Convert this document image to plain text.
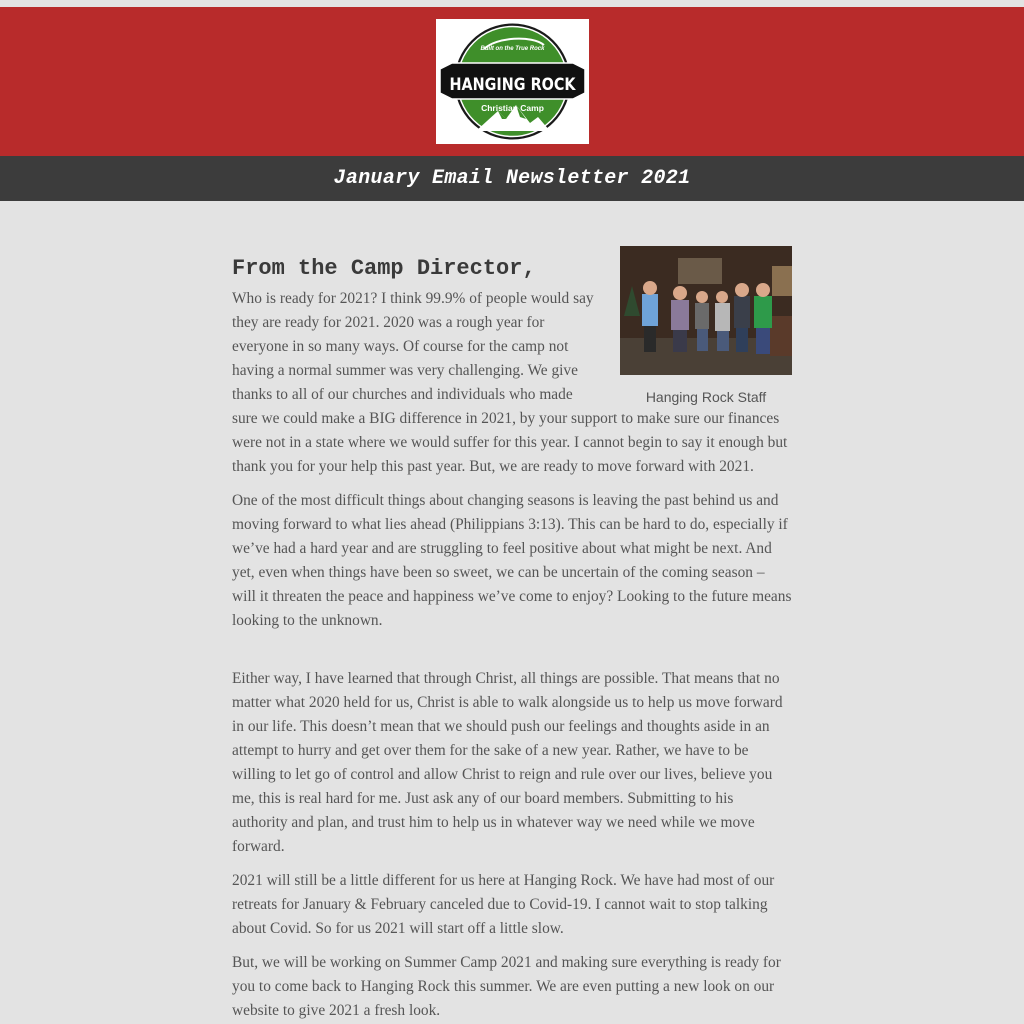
Built on the True Rock
HANGING ROCK
Christian Camp
January Email Newsletter 2021
Hanging Rock Staff
From the Camp Director,

Who is ready for 2021? I think 99.9% of people would say they are ready for 2021. 2020 was a rough year for everyone in so many ways. Of course for the camp not having a normal summer was very challenging. We give thanks to all of our churches and individuals who made sure we could make a BIG difference in 2021, by your support to make sure our finances were not in a state where we would suffer for this year. I cannot begin to say it enough but thank you for your help this past year. But, we are ready to move forward with 2021.

One of the most difficult things about changing seasons is leaving the past behind us and moving forward to what lies ahead (Philippians 3:13). This can be hard to do, especially if we’ve had a hard year and are struggling to feel positive about what might be next. And yet, even when things have been so sweet, we can be uncertain of the coming season – will it threaten the peace and happiness we’ve come to enjoy? Looking to the future means looking to the unknown.

Either way, I have learned that through Christ, all things are possible. That means that no matter what 2020 held for us, Christ is able to walk alongside us to help us move forward in our life. This doesn’t mean that we should push our feelings and thoughts aside in an attempt to hurry and get over them for the sake of a new year. Rather, we have to be willing to let go of control and allow Christ to reign and rule over our lives, believe you me, this is real hard for me. Just ask any of our board members. Submitting to his authority and plan, and trust him to help us in whatever way we need while we move forward.

2021 will still be a little different for us here at Hanging Rock. We have had most of our retreats for January & February canceled due to Covid-19. I cannot wait to stop talking about Covid. So for us 2021 will start off a little slow.

But, we will be working on Summer Camp 2021 and making sure everything is ready for you to come back to Hanging Rock this summer. We are even putting a new look on our website to give 2021 a fresh look.
